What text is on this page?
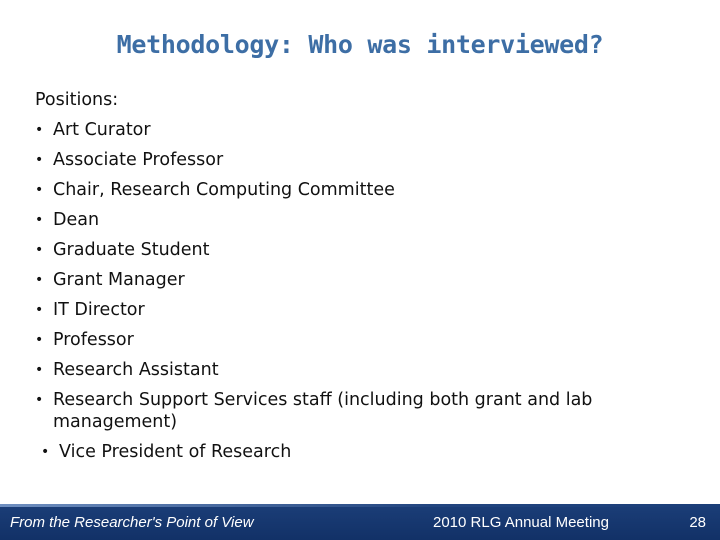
Methodology: Who was interviewed?
Positions:
• Art Curator
• Associate Professor
• Chair, Research Computing Committee
• Dean
• Graduate Student
• Grant Manager
• IT Director
• Professor
• Research Assistant
• Research Support Services staff (including both grant and lab management)
• Vice President of Research
From the Researcher's Point of View	2010 RLG Annual Meeting	28
